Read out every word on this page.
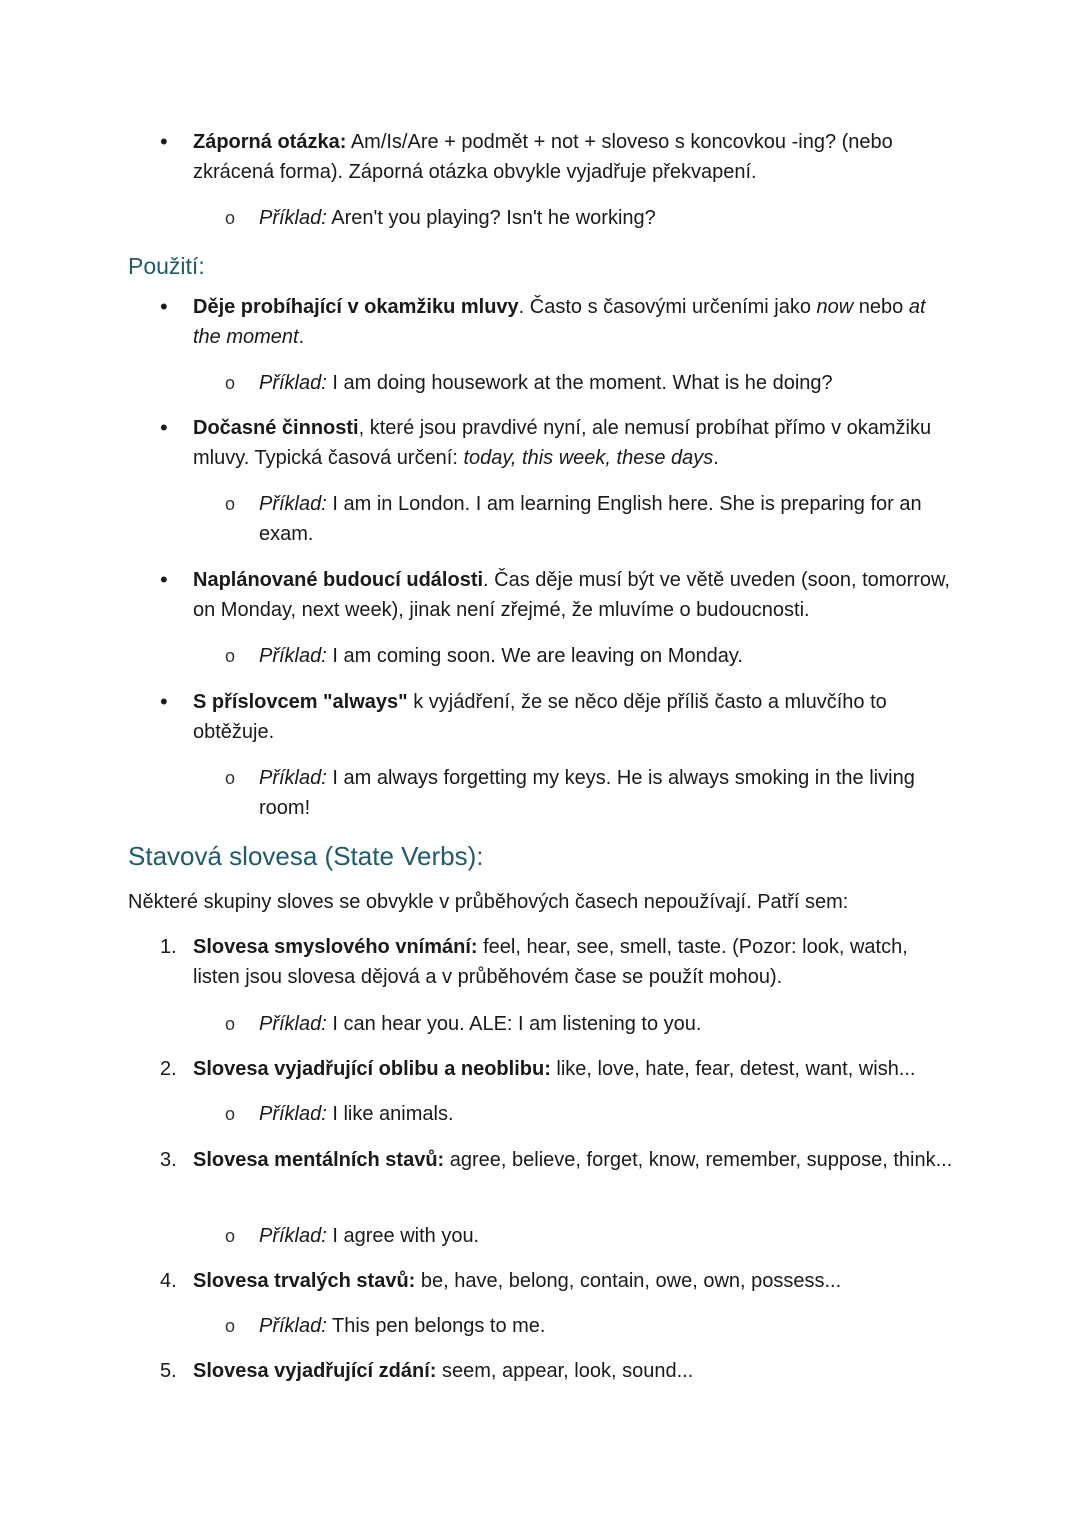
• Záporná otázka: Am/Is/Are + podmět + not + sloveso s koncovkou -ing? (nebo zkrácená forma). Záporná otázka obvykle vyjadřuje překvapení.
o Příklad: Aren't you playing? Isn't he working?
Použití:
• Děje probíhající v okamžiku mluvy. Často s časovými určeními jako now nebo at the moment.
o Příklad: I am doing housework at the moment. What is he doing?
• Dočasné činnosti, které jsou pravdivé nyní, ale nemusí probíhat přímo v okamžiku mluvy. Typická časová určení: today, this week, these days.
o Příklad: I am in London. I am learning English here. She is preparing for an exam.
• Naplánované budoucí události. Čas děje musí být ve větě uveden (soon, tomorrow, on Monday, next week), jinak není zřejmé, že mluvíme o budoucnosti.
o Příklad: I am coming soon. We are leaving on Monday.
• S příslovcem "always" k vyjádření, že se něco děje příliš často a mluvčího to obtěžuje.
o Příklad: I am always forgetting my keys. He is always smoking in the living room!
Stavová slovesa (State Verbs):
Některé skupiny sloves se obvykle v průběhových časech nepoužívají. Patří sem:
1. Slovesa smyslového vnímání: feel, hear, see, smell, taste. (Pozor: look, watch, listen jsou slovesa dějová a v průběhovém čase se použít mohou).
o Příklad: I can hear you. ALE: I am listening to you.
2. Slovesa vyjadřující oblibu a neoblibu: like, love, hate, fear, detest, want, wish...
o Příklad: I like animals.
3. Slovesa mentálních stavů: agree, believe, forget, know, remember, suppose, think...
o Příklad: I agree with you.
4. Slovesa trvalých stavů: be, have, belong, contain, owe, own, possess...
o Příklad: This pen belongs to me.
5. Slovesa vyjadřující zdání: seem, appear, look, sound...
